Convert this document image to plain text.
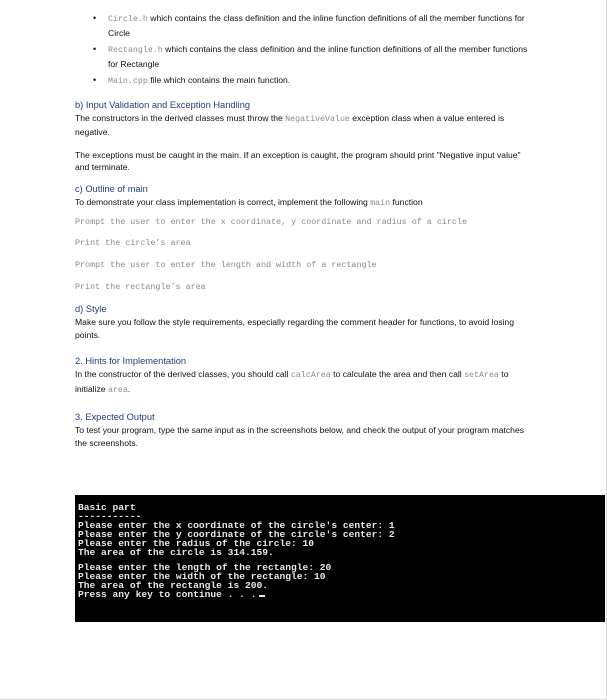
• Circle.h which contains the class definition and the inline function definitions of all the member functions for Circle
• Rectangle.h which contains the class definition and the inline function definitions of all the member functions for Rectangle
• Main.cpp file which contains the main function.

b) Input Validation and Exception Handling

The constructors in the derived classes must throw the NegativeValue exception class when a value entered is negative.

The exceptions must be caught in the main. If an exception is caught, the program should print "Negative input value" and terminate.

c) Outline of main

To demonstrate your class implementation is correct, implement the following main function

Prompt the user to enter the x coordinate, y coordinate and radius of a circle

Print the circle’s area

Prompt the user to enter the length and width of a rectangle

Print the rectangle’s area

d) Style

Make sure you follow the style requirements, especially regarding the comment header for functions, to avoid losing points.

2. Hints for Implementation

In the constructor of the derived classes, you should call calcArea to calculate the area and then call setArea to initialize area.

3. Expected Output

To test your program, type the same input as in the screenshots below, and check the output of your program matches the screenshots.

Basic part
-----------
Please enter the x coordinate of the circle's center: 1
Please enter the y coordinate of the circle's center: 2
Please enter the radius of the circle: 10
The area of the circle is 314.159.
Please enter the length of the rectangle: 20
Please enter the width of the rectangle: 10
The area of the rectangle is 200.
Press any key to continue . . .
